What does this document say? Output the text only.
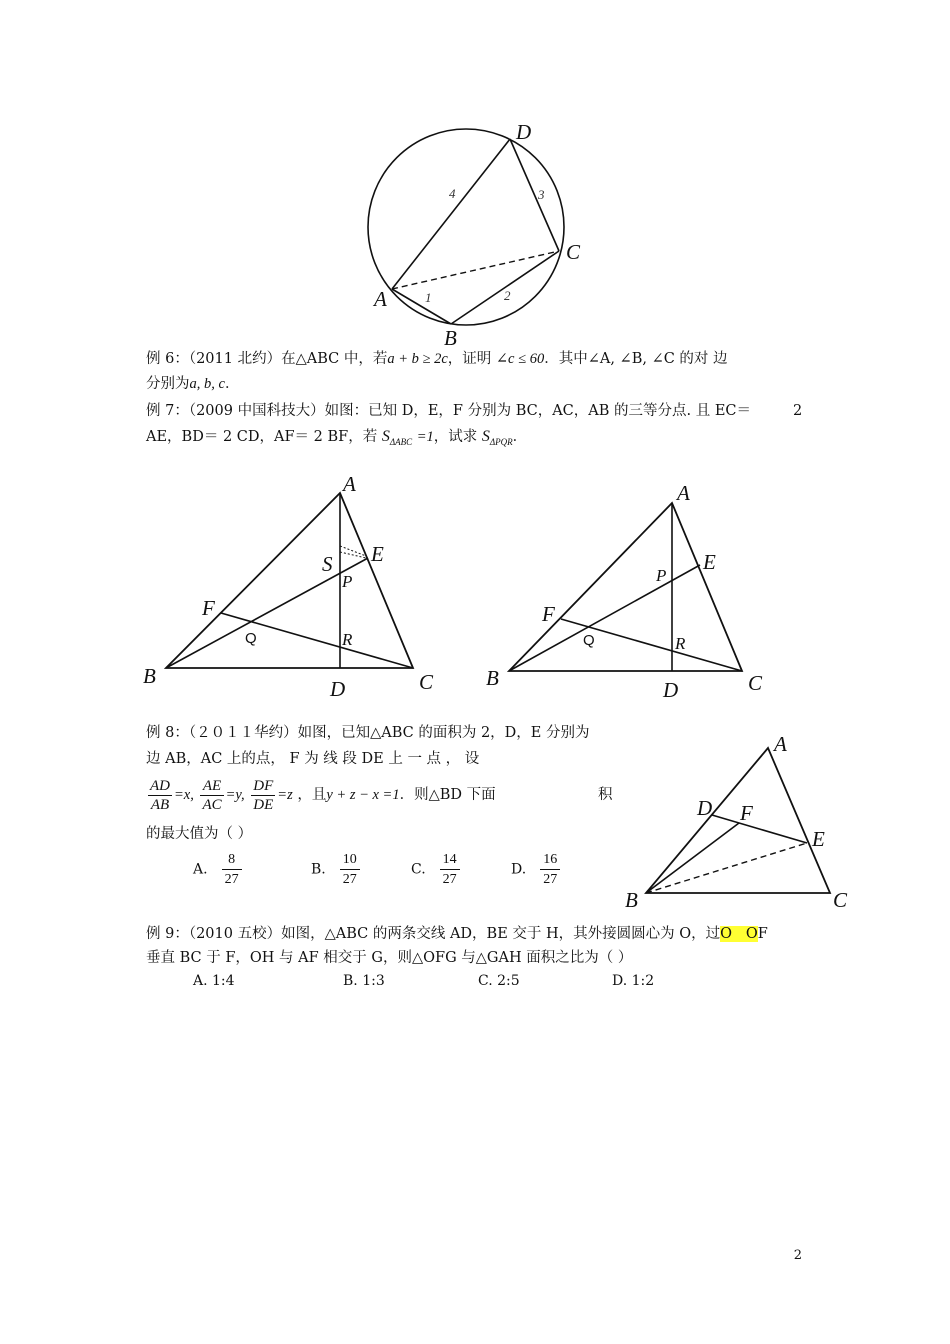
D
C
A
B
4	3
2
1
例 6：（2011 北约）在△ABC 中，若a + b ≥ 2c，证明 ∠c ≤ 60．其中∠A, ∠B, ∠C 的对 边
分别为a, b, c．
例 7：（2009 中国科技大）如图：已知 D，E，F 分别为 BC，AC，AB 的三等分点. 且 EC＝	2
AE，BD＝ 2 CD，AF＝ 2 BF，若 $S_{\Delta ABC} =1$，试求 $S_{\Delta PQR}$．
A
E
S
P
F
Q	R
B
D	C
A
E
P
F
Q	R
B	D	C
例 8：（２０１１华约）如图，已知△ABC 的面积为 2，D，E 分别为
边 AB，AC 上的点， F 为 线 段 DE 上 一 点 ， 设
$\frac{AD}{AB} =x$, $\frac{AE}{AC} =y$, $\frac{DF}{DE} =z$ ，且y + z − x =1．则△BD 下面	积
的最大值为（ ）
A. $\frac{8}{27}$	B. $\frac{10}{27}$	C. $\frac{14}{27}$	D. $\frac{16}{27}$
A
D F
E
B	C
例 9：（2010 五校）如图，△ABC 的两条交线 AD，BE 交于 H，其外接圆圆心为 O，过O   OF
垂直 BC 于 F，OH 与 AF 相交于 G，则△OFG 与△GAH 面积之比为（ ）
A. 1:4	B. 1:3	C. 2:5	D. 1:2
2
